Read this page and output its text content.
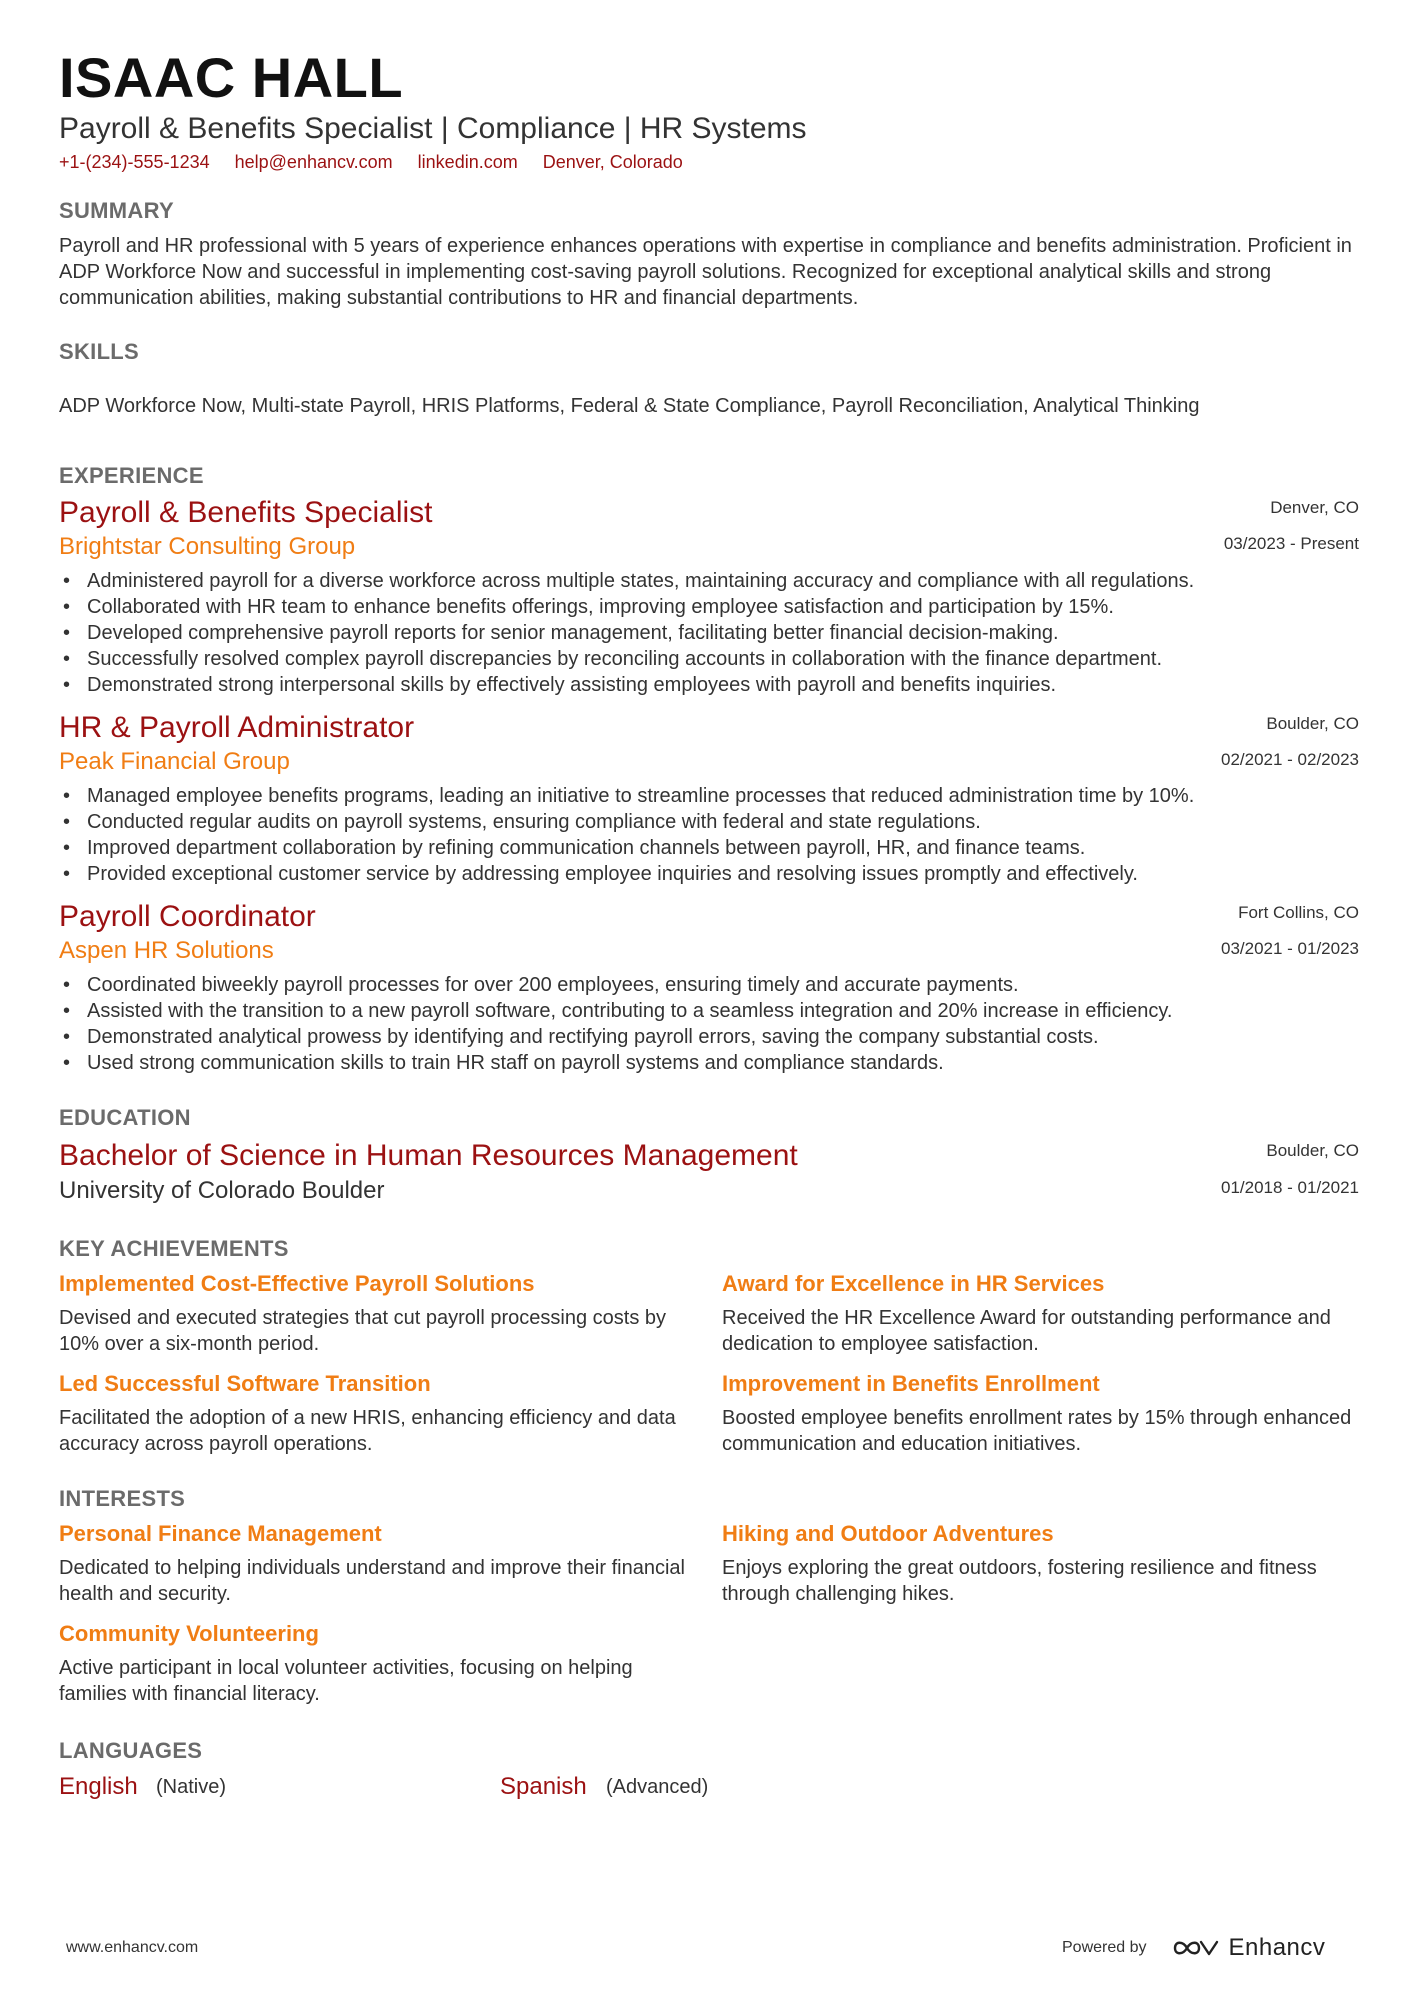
ISAAC HALL
Payroll & Benefits Specialist | Compliance | HR Systems
+1-(234)-555-1234 help@enhancv.com linkedin.com Denver, Colorado
SUMMARY
Payroll and HR professional with 5 years of experience enhances operations with expertise in compliance and benefits administration. Proficient in ADP Workforce Now and successful in implementing cost-saving payroll solutions. Recognized for exceptional analytical skills and strong communication abilities, making substantial contributions to HR and financial departments.
SKILLS
ADP Workforce Now, Multi-state Payroll, HRIS Platforms, Federal & State Compliance, Payroll Reconciliation, Analytical Thinking
EXPERIENCE
Payroll & Benefits Specialist	Denver, CO
Brightstar Consulting Group	03/2023 - Present
• Administered payroll for a diverse workforce across multiple states, maintaining accuracy and compliance with all regulations.
• Collaborated with HR team to enhance benefits offerings, improving employee satisfaction and participation by 15%.
• Developed comprehensive payroll reports for senior management, facilitating better financial decision-making.
• Successfully resolved complex payroll discrepancies by reconciling accounts in collaboration with the finance department.
• Demonstrated strong interpersonal skills by effectively assisting employees with payroll and benefits inquiries.
HR & Payroll Administrator	Boulder, CO
Peak Financial Group	02/2021 - 02/2023
• Managed employee benefits programs, leading an initiative to streamline processes that reduced administration time by 10%.
• Conducted regular audits on payroll systems, ensuring compliance with federal and state regulations.
• Improved department collaboration by refining communication channels between payroll, HR, and finance teams.
• Provided exceptional customer service by addressing employee inquiries and resolving issues promptly and effectively.
Payroll Coordinator	Fort Collins, CO
Aspen HR Solutions	03/2021 - 01/2023
• Coordinated biweekly payroll processes for over 200 employees, ensuring timely and accurate payments.
• Assisted with the transition to a new payroll software, contributing to a seamless integration and 20% increase in efficiency.
• Demonstrated analytical prowess by identifying and rectifying payroll errors, saving the company substantial costs.
• Used strong communication skills to train HR staff on payroll systems and compliance standards.
EDUCATION
Bachelor of Science in Human Resources Management	Boulder, CO
University of Colorado Boulder	01/2018 - 01/2021
KEY ACHIEVEMENTS
Implemented Cost-Effective Payroll Solutions
Devised and executed strategies that cut payroll processing costs by 10% over a six-month period.
Award for Excellence in HR Services
Received the HR Excellence Award for outstanding performance and dedication to employee satisfaction.
Led Successful Software Transition
Facilitated the adoption of a new HRIS, enhancing efficiency and data accuracy across payroll operations.
Improvement in Benefits Enrollment
Boosted employee benefits enrollment rates by 15% through enhanced communication and education initiatives.
INTERESTS
Personal Finance Management
Dedicated to helping individuals understand and improve their financial health and security.
Hiking and Outdoor Adventures
Enjoys exploring the great outdoors, fostering resilience and fitness through challenging hikes.
Community Volunteering
Active participant in local volunteer activities, focusing on helping families with financial literacy.
LANGUAGES
English (Native)	Spanish (Advanced)
www.enhancv.com	Powered by	Enhancv
